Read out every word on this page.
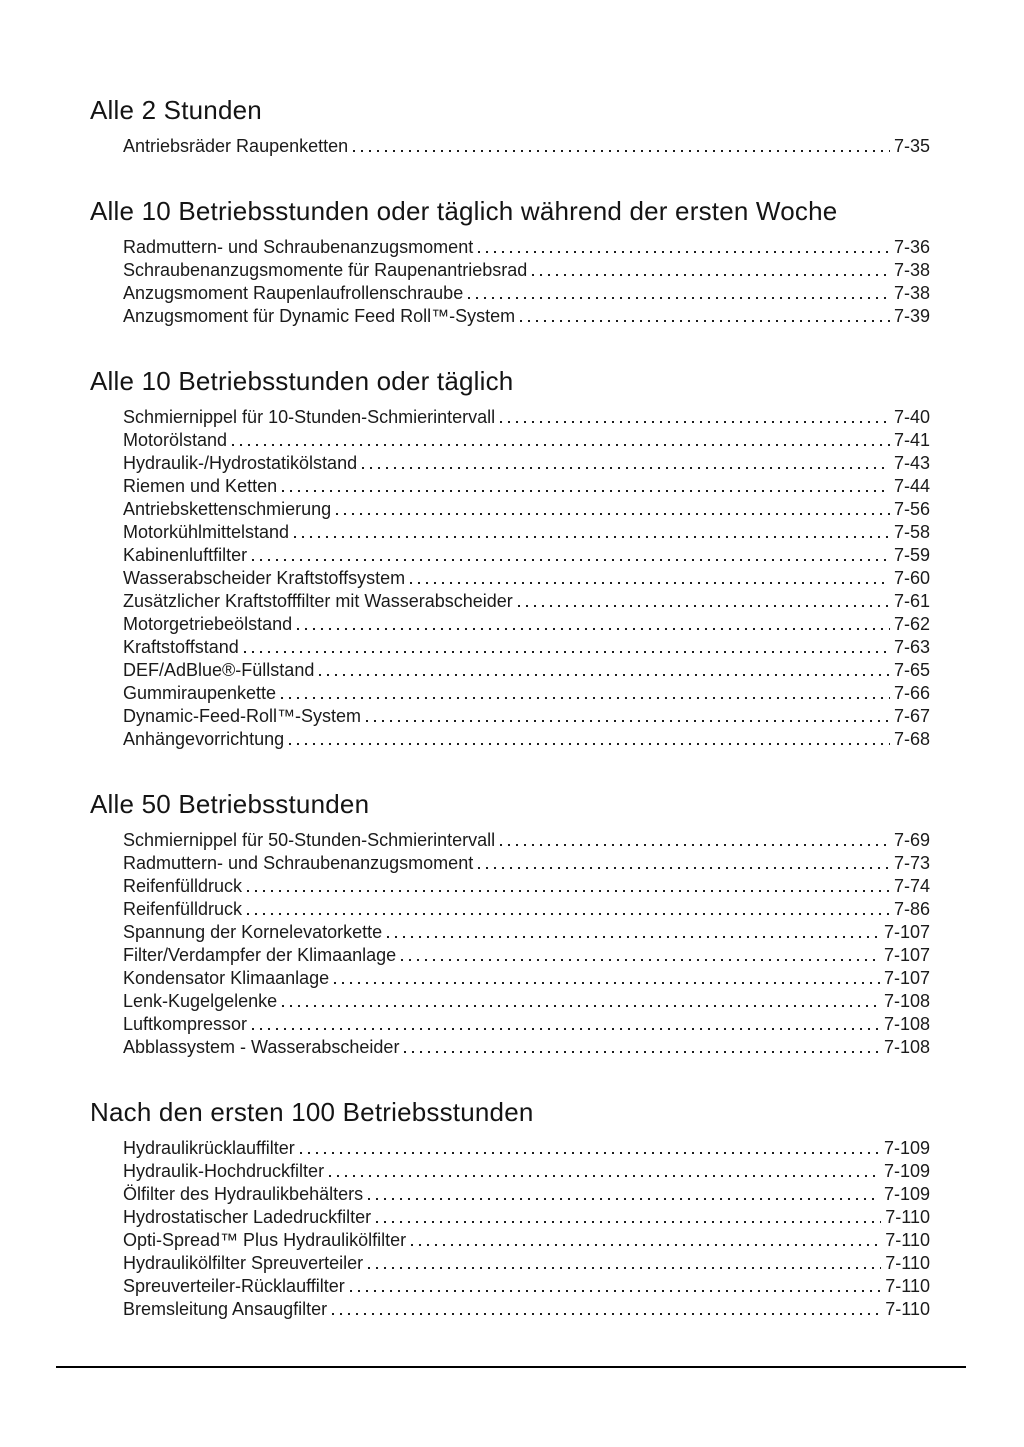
Alle 2 Stunden
Antriebsräder Raupenketten	7-35
Alle 10 Betriebsstunden oder täglich während der ersten Woche
Radmuttern- und Schraubenanzugsmoment	7-36
Schraubenanzugsmomente für Raupenantriebsrad	7-38
Anzugsmoment Raupenlaufrollenschraube	7-38
Anzugsmoment für Dynamic Feed Roll™-System	7-39
Alle 10 Betriebsstunden oder täglich
Schmiernippel für 10-Stunden-Schmierintervall	7-40
Motorölstand	7-41
Hydraulik-/Hydrostatikölstand	7-43
Riemen und Ketten	7-44
Antriebskettenschmierung	7-56
Motorkühlmittelstand	7-58
Kabinenluftfilter	7-59
Wasserabscheider Kraftstoffsystem	7-60
Zusätzlicher Kraftstofffilter mit Wasserabscheider	7-61
Motorgetriebeölstand	7-62
Kraftstoffstand	7-63
DEF/AdBlue®-Füllstand	7-65
Gummiraupenkette	7-66
Dynamic-Feed-Roll™-System	7-67
Anhängevorrichtung	7-68
Alle 50 Betriebsstunden
Schmiernippel für 50-Stunden-Schmierintervall	7-69
Radmuttern- und Schraubenanzugsmoment	7-73
Reifenfülldruck	7-74
Reifenfülldruck	7-86
Spannung der Kornelevatorkette	7-107
Filter/Verdampfer der Klimaanlage	7-107
Kondensator Klimaanlage	7-107
Lenk-Kugelgelenke	7-108
Luftkompressor	7-108
Abblassystem - Wasserabscheider	7-108
Nach den ersten 100 Betriebsstunden
Hydraulikrücklauffilter	7-109
Hydraulik-Hochdruckfilter	7-109
Ölfilter des Hydraulikbehälters	7-109
Hydrostatischer Ladedruckfilter	7-110
Opti-Spread™ Plus Hydraulikölfilter	7-110
Hydraulikölfilter Spreuverteiler	7-110
Spreuverteiler-Rücklauffilter	7-110
Bremsleitung Ansaugfilter	7-110
